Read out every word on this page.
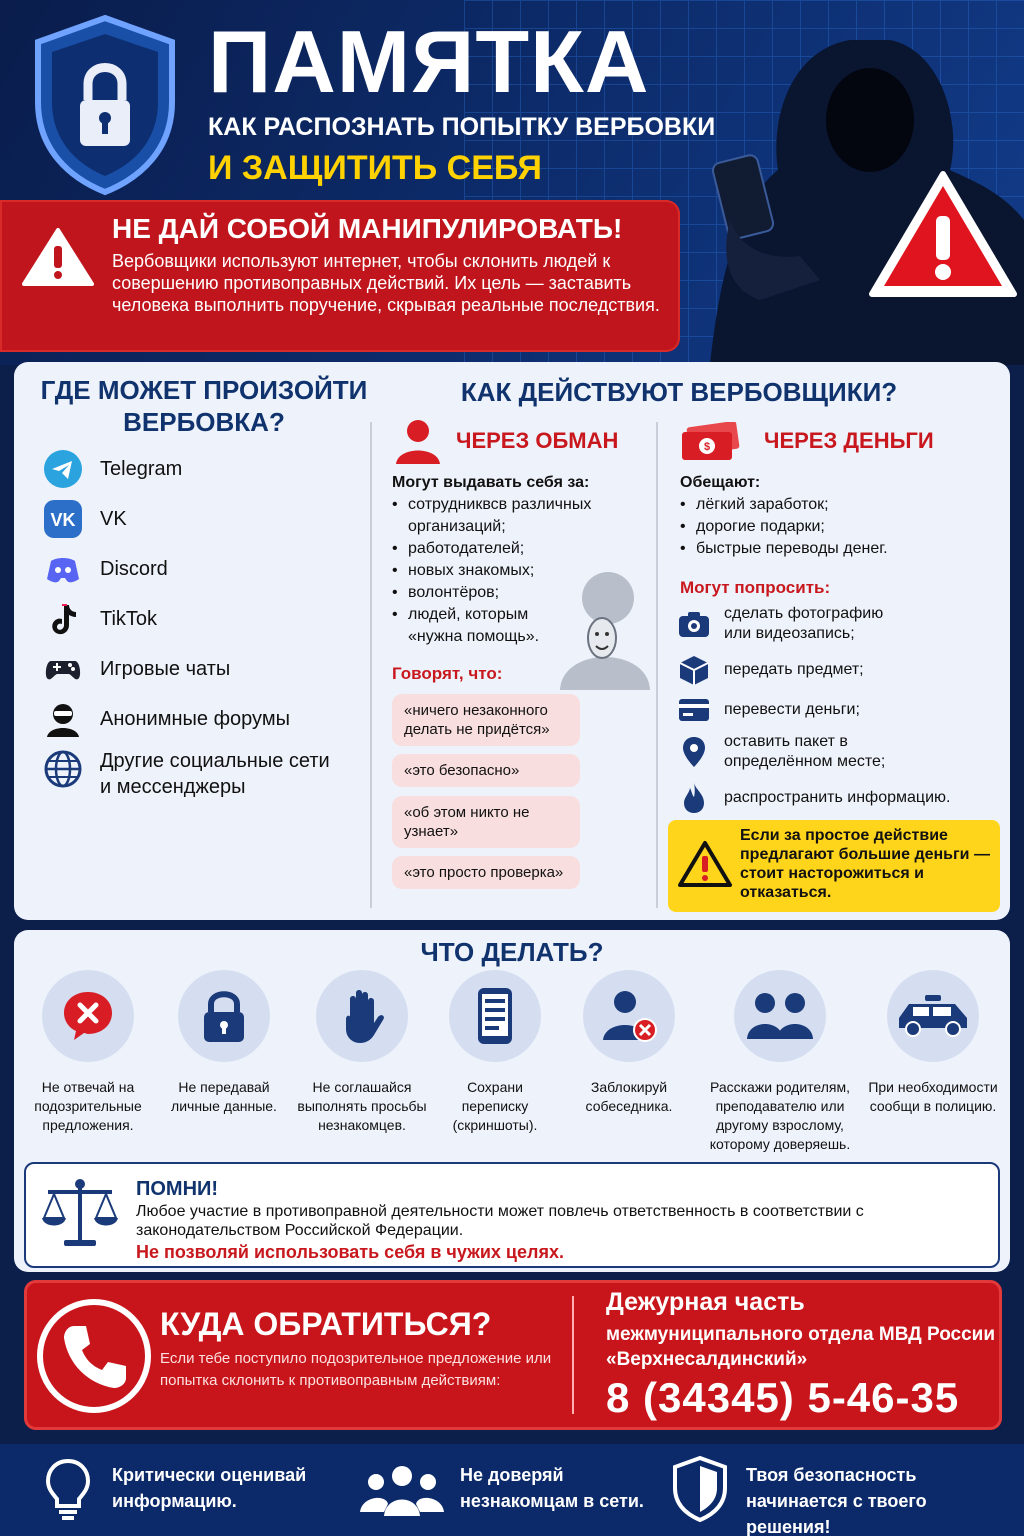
ПАМЯТКА
КАК РАСПОЗНАТЬ ПОПЫТКУ ВЕРБОВКИ
И ЗАЩИТИТЬ СЕБЯ
НЕ ДАЙ СОБОЙ МАНИПУЛИРОВАТЬ!
Вербовщики используют интернет, чтобы склонить людей к совершению противоправных действий. Их цель — заставить человека выполнить поручение, скрывая реальные последствия.
ГДЕ МОЖЕТ ПРОИЗОЙТИ ВЕРБОВКА?
Telegram
VK VK
Discord
TikTok
Игровые чаты
Анонимные форумы
Другие социальные сети и мессенджеры
КАК ДЕЙСТВУЮТ ВЕРБОВЩИКИ?
ЧЕРЕЗ ОБМАН
Могут выдавать себя за:
• сотрудниквсв различных организаций;
• работодателей;
• новых знакомых;
• волонтёров;
• людей, которым «нужна помощь».
Говорят, что:
«ничего незаконного делать не придётся»
«это безопасно»
«об этом никто не узнает»
«это просто проверка»
$ ЧЕРЕЗ ДЕНЬГИ
Обещают:
• лёгкий заработок;
• дорогие подарки;
• быстрые переводы денег.
Могут попросить:
сделать фотографию или видеозапись;
передать предмет;
перевести деньги;
оставить пакет в определённом месте;
распространить информацию.
Если за простое действие предлагают большие деньги — стоит насторожиться и отказаться.
ЧТО ДЕЛАТЬ?
Не отвечай на подозрительные предложения.
Не передавай личные данные.
Не соглашайся выполнять просьбы незнакомцев.
Сохрани переписку (скриншоты).
Заблокируй собеседника.
Расскажи родителям, преподавателю или другому взрослому, которому доверяешь.
При необходимости сообщи в полицию.
ПОМНИ!
Любое участие в противоправной деятельности может повлечь ответственность в соответствии с законодательством Российской Федерации.
Не позволяй использовать себя в чужих целях.
КУДА ОБРАТИТЬСЯ?
Если тебе поступило подозрительное предложение или попытка склонить к противоправным действиям:
Дежурная часть
межмуниципального отдела МВД России «Верхнесалдинский»
8 (34345) 5-46-35
Критически оценивай информацию.
Не доверяй незнакомцам в сети.
Твоя безопасность начинается с твоего решения!
